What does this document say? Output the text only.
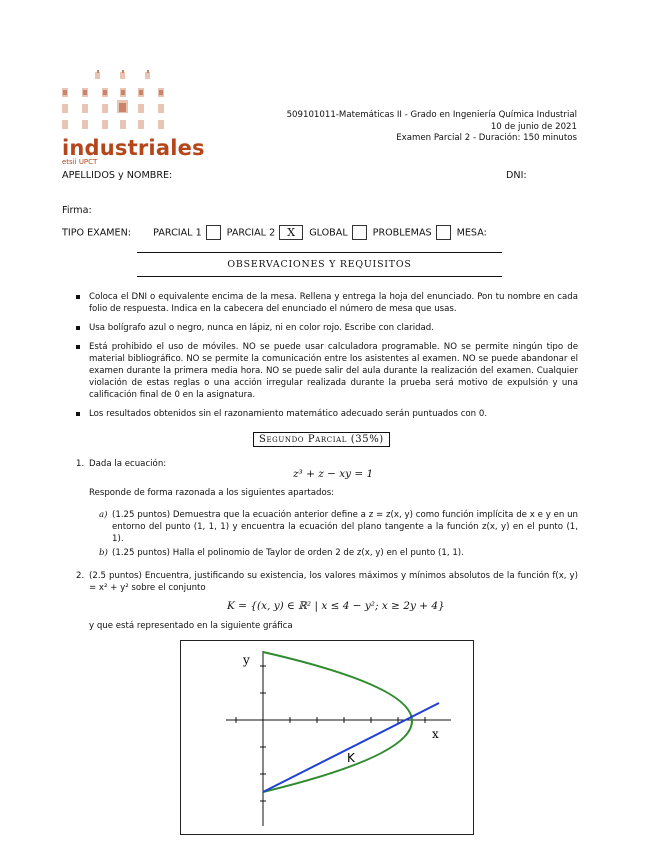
industriales
etsii UPCT
509101011-Matemáticas II - Grado en Ingeniería Química Industrial
10 de junio de 2021
Examen Parcial 2 - Duración: 150 minutos
APELLIDOS y NOMBRE:	DNI:
Firma:
TIPO EXAMEN: PARCIAL 1	PARCIAL 2 X GLOBAL	PROBLEMAS	MESA:
OBSERVACIONES Y REQUISITOS
Coloca el DNI o equivalente encima de la mesa. Rellena y entrega la hoja del enunciado. Pon tu nombre en cada folio de respuesta. Indica en la cabecera del enunciado el número de mesa que usas.
Usa bolígrafo azul o negro, nunca en lápiz, ni en color rojo. Escribe con claridad.
Está prohibido el uso de móviles. NO se puede usar calculadora programable. NO se permite ningún tipo de material bibliográfico. NO se permite la comunicación entre los asistentes al examen. NO se puede abandonar el examen durante la primera media hora. NO se puede salir del aula durante la realización del examen. Cualquier violación de estas reglas o una acción irregular realizada durante la prueba será motivo de expulsión y una calificación final de 0 en la asignatura.
Los resultados obtenidos sin el razonamiento matemático adecuado serán puntuados con 0.
Segundo Parcial (35%)
1. Dada la ecuación:
z³ + z − xy = 1
Responde de forma razonada a los siguientes apartados:
a) (1.25 puntos) Demuestra que la ecuación anterior define a z = z(x, y) como función implícita de x e y en un entorno del punto (1, 1, 1) y encuentra la ecuación del plano tangente a la función z(x, y) en el punto (1, 1).
b) (1.25 puntos) Halla el polinomio de Taylor de orden 2 de z(x, y) en el punto (1, 1).
2. (2.5 puntos) Encuentra, justificando su existencia, los valores máximos y mínimos absolutos de la función f(x, y) = x² + y² sobre el conjunto
K = {(x, y) ∈ ℝ² | x ≤ 4 − y²; x ≥ 2y + 4}
y que está representado en la siguiente gráfica
y
x
K
